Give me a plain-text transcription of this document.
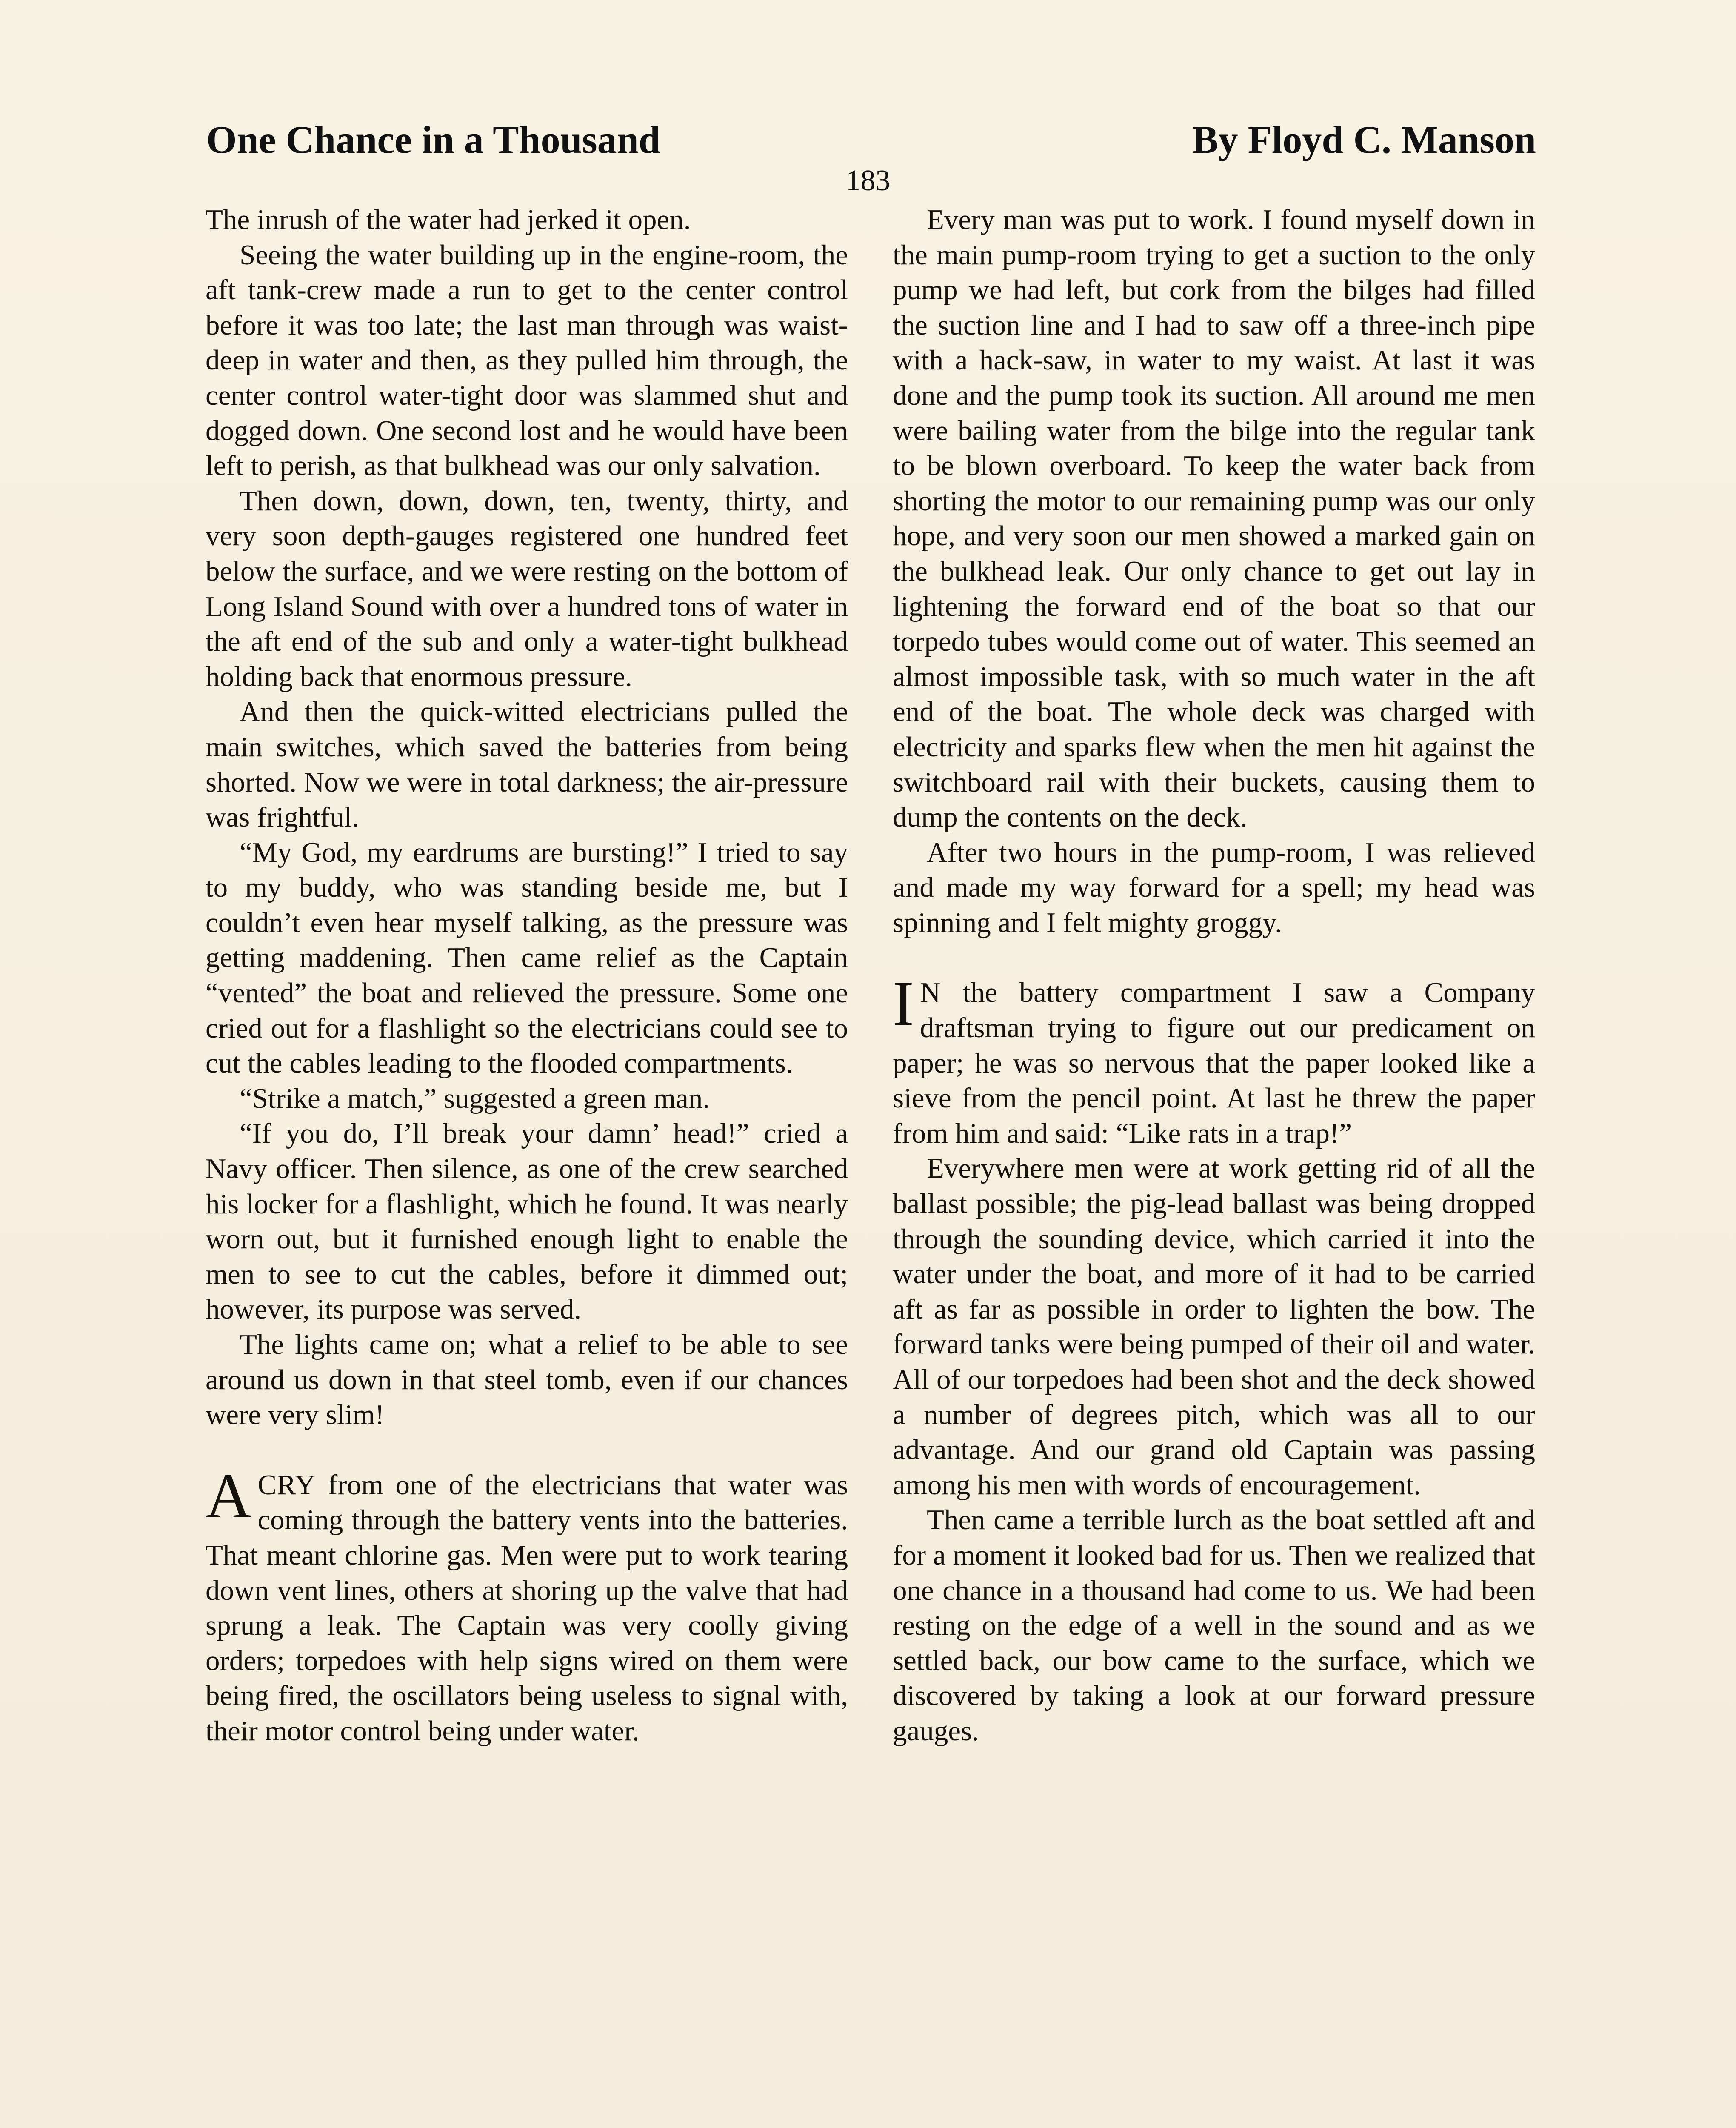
One Chance in a Thousand	By Floyd C. Manson
183

The inrush of the water had jerked it open.

Seeing the water building up in the engine-room, the aft tank-crew made a run to get to the center control before it was too late; the last man through was waist-deep in water and then, as they pulled him through, the center control water-tight door was slammed shut and dogged down. One second lost and he would have been left to perish, as that bulkhead was our only salvation.

Then down, down, down, ten, twenty, thirty, and very soon depth-gauges registered one hundred feet below the surface, and we were resting on the bottom of Long Island Sound with over a hundred tons of water in the aft end of the sub and only a water-tight bulkhead holding back that enormous pressure.

And then the quick-witted electricians pulled the main switches, which saved the batteries from being shorted. Now we were in total darkness; the air-pressure was frightful.

“My God, my eardrums are bursting!” I tried to say to my buddy, who was standing beside me, but I couldn’t even hear myself talking, as the pressure was getting maddening. Then came relief as the Captain “vented” the boat and relieved the pressure. Some one cried out for a flashlight so the electricians could see to cut the cables leading to the flooded compartments.

“Strike a match,” suggested a green man.

“If you do, I’ll break your damn’ head!” cried a Navy officer. Then silence, as one of the crew searched his locker for a flashlight, which he found. It was nearly worn out, but it furnished enough light to enable the men to see to cut the cables, before it dimmed out; however, its purpose was served.

The lights came on; what a relief to be able to see around us down in that steel tomb, even if our chances were very slim!

ACRY from one of the electricians that water was coming through the battery vents into the batteries. That meant chlorine gas. Men were put to work tearing down vent lines, others at shoring up the valve that had sprung a leak. The Captain was very coolly giving orders; torpedoes with help signs wired on them were being fired, the oscillators being useless to signal with, their motor control being under water.

Every man was put to work. I found myself down in the main pump-room trying to get a suction to the only pump we had left, but cork from the bilges had filled the suction line and I had to saw off a three-inch pipe with a hack-saw, in water to my waist. At last it was done and the pump took its suction. All around me men were bailing water from the bilge into the regular tank to be blown overboard. To keep the water back from shorting the motor to our remaining pump was our only hope, and very soon our men showed a marked gain on the bulkhead leak. Our only chance to get out lay in lightening the forward end of the boat so that our torpedo tubes would come out of water. This seemed an almost impossible task, with so much water in the aft end of the boat. The whole deck was charged with electricity and sparks flew when the men hit against the switchboard rail with their buckets, causing them to dump the contents on the deck.

After two hours in the pump-room, I was relieved and made my way forward for a spell; my head was spinning and I felt mighty groggy.

I N the battery compartment I saw a Company draftsman trying to figure out our predicament on paper; he was so nervous that the paper looked like a sieve from the pencil point. At last he threw the paper from him and said: “Like rats in a trap!”

Everywhere men were at work getting rid of all the ballast possible; the pig-lead ballast was being dropped through the sounding device, which carried it into the water under the boat, and more of it had to be carried aft as far as possible in order to lighten the bow. The forward tanks were being pumped of their oil and water. All of our torpedoes had been shot and the deck showed a number of degrees pitch, which was all to our advantage. And our grand old Captain was passing among his men with words of encouragement.

Then came a terrible lurch as the boat settled aft and for a moment it looked bad for us. Then we realized that one chance in a thousand had come to us. We had been resting on the edge of a well in the sound and as we settled back, our bow came to the surface, which we discovered by taking a look at our forward pressure gauges.
